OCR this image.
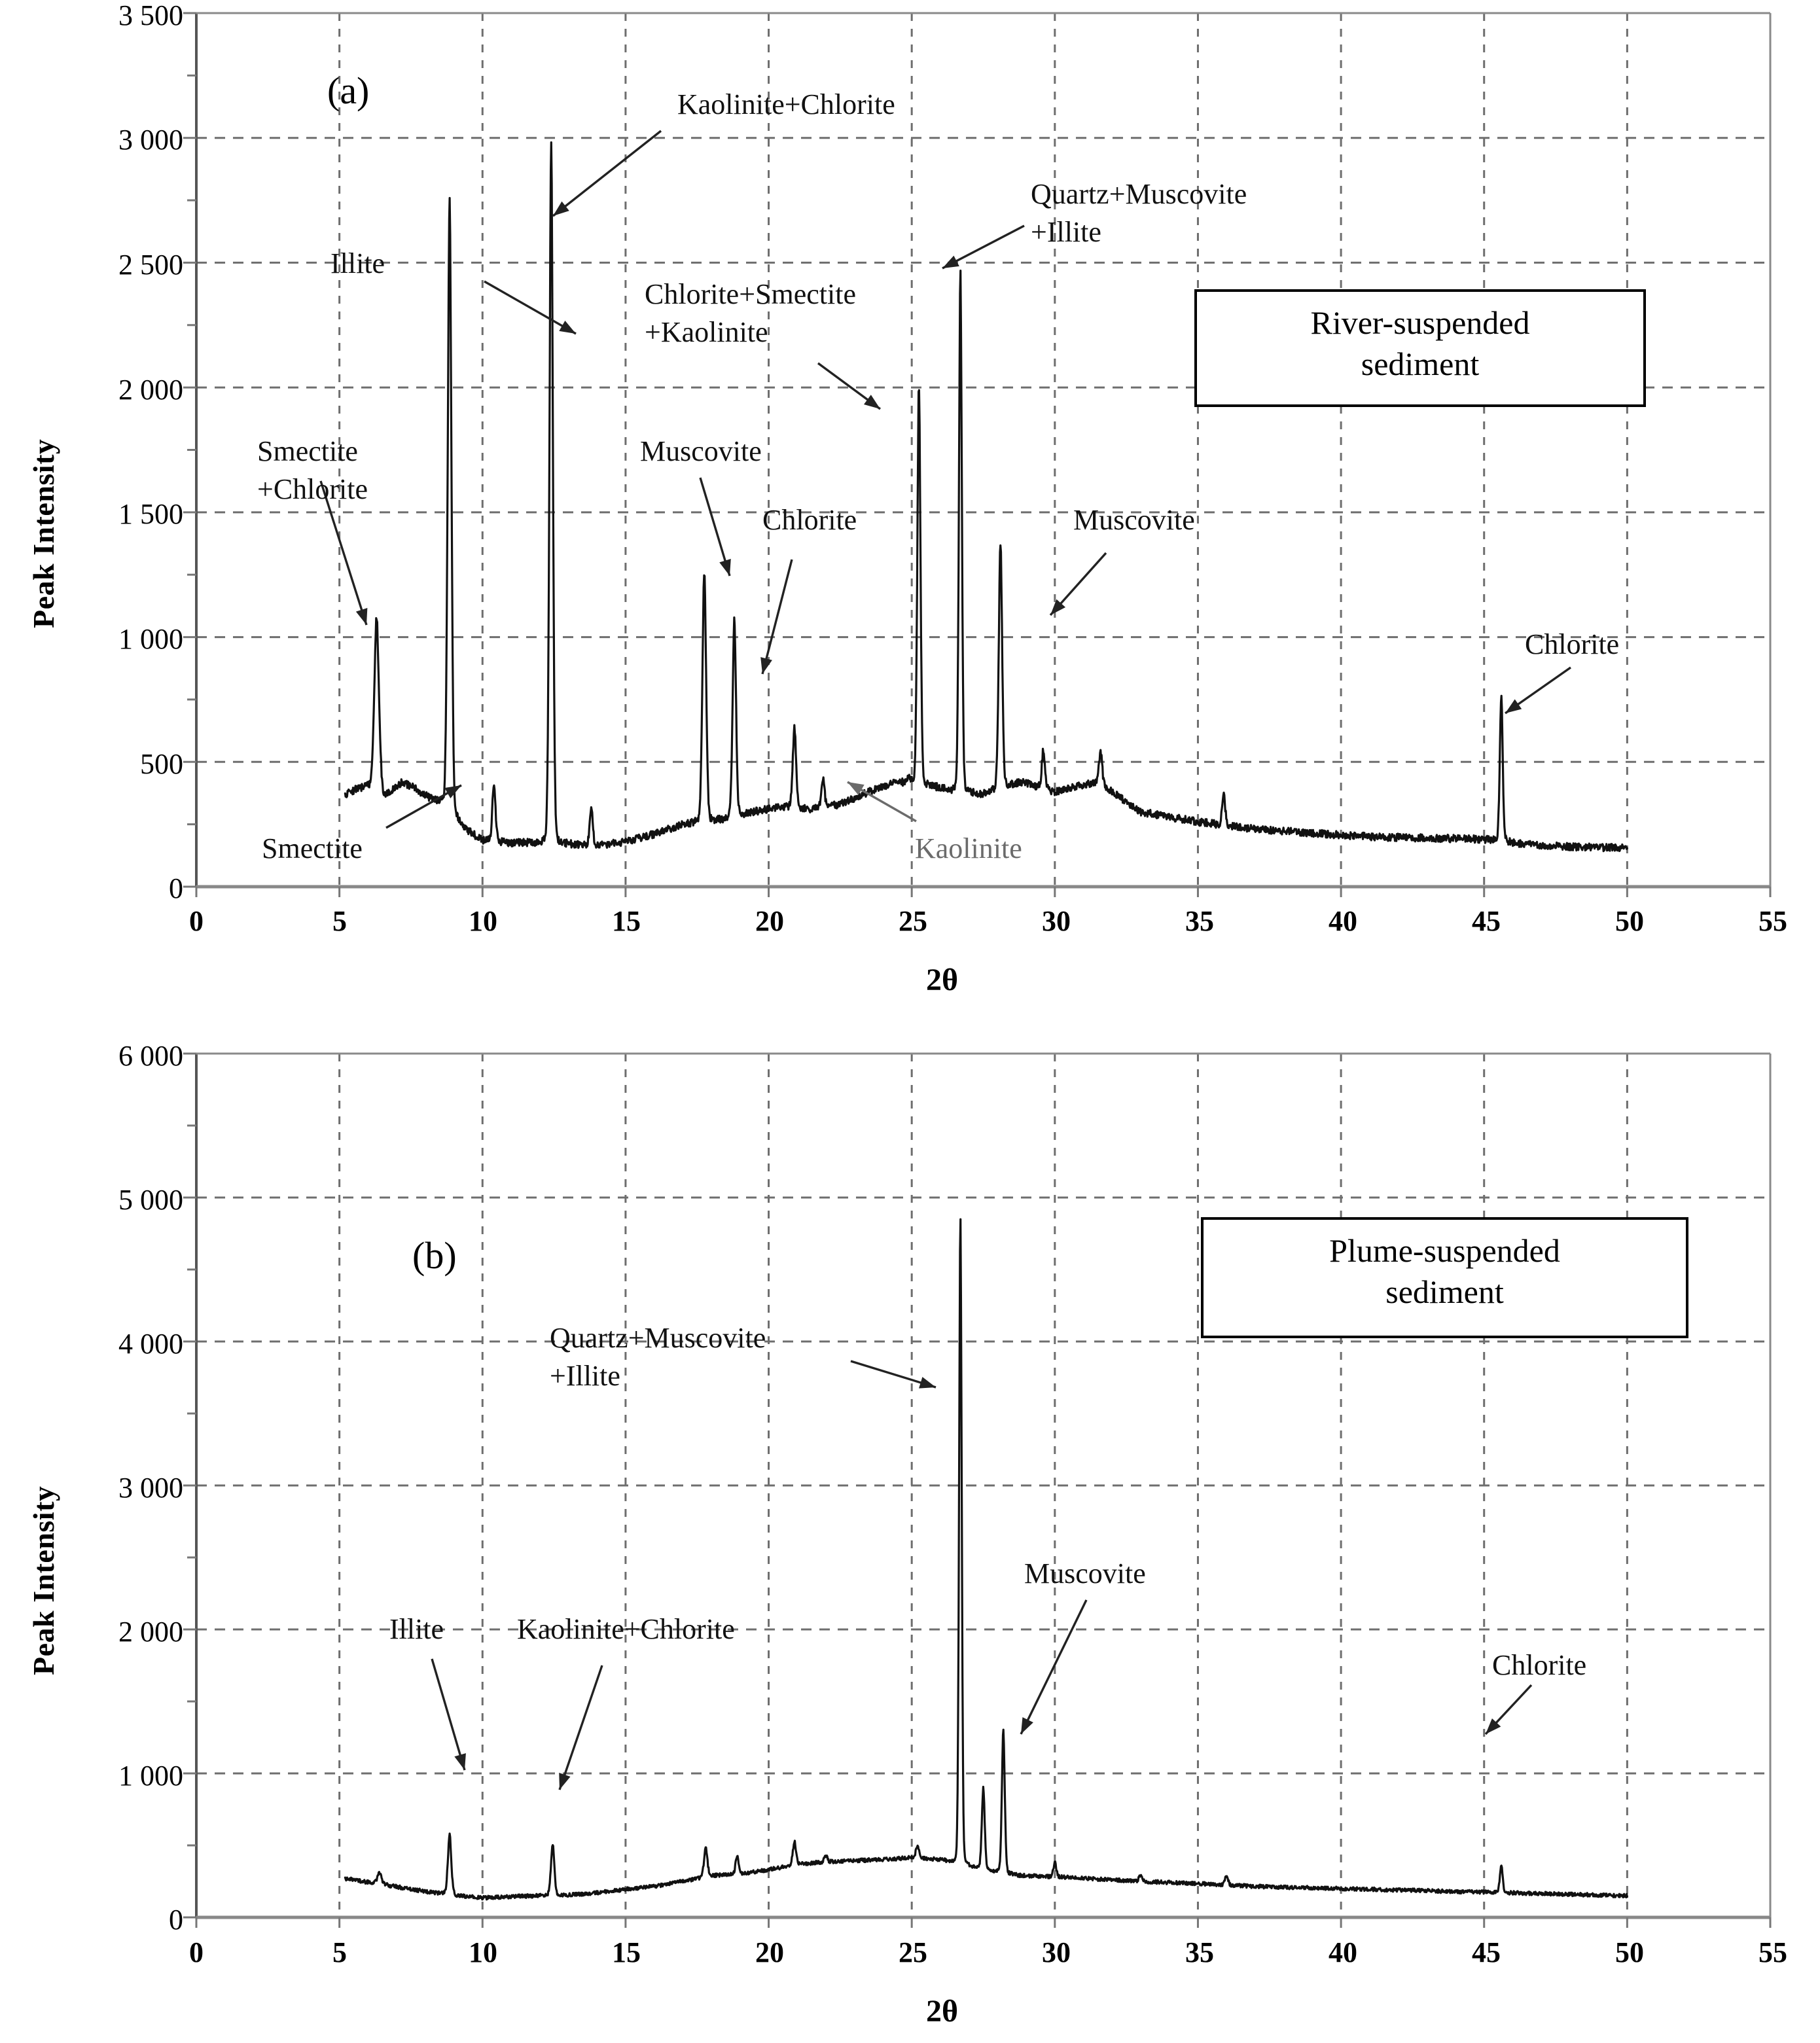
Peak Intensity
3 500
3 000
2 500
2 000
1 500
1 000
500
0
0	5	10	15	20	25	30	35	40	45	50	55
2θ
(a)	Kaolinite+Chlorite
Illite
Quartz+Muscovite
+Illite
Chlorite+Smectite
+Kaolinite
Smectite
+Chlorite
Muscovite
Chlorite	Muscovite
Chlorite
Smectite	Kaolinite
River-suspended
sediment
Peak Intensity
6 000
5 000
4 000
3 000
2 000
1 000
0
0	5	10	15	20	25	30	35	40	45	50	55
2θ
(b)
Quartz+Muscovite
+Illite
Muscovite
Illite	Kaolinite+Chlorite
Chlorite
Plume-suspended
sediment
